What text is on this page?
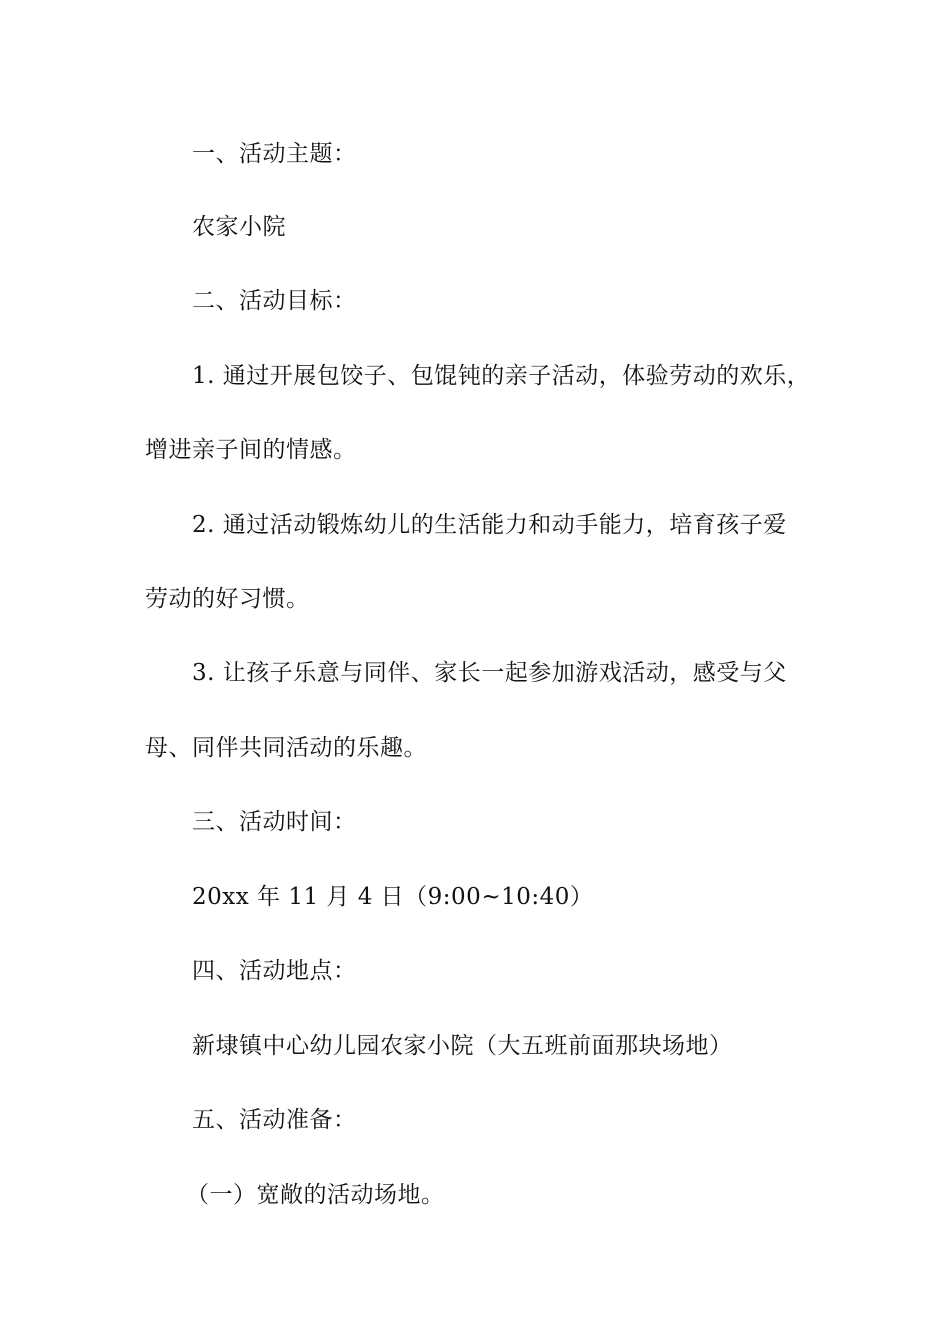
一、活动主题：
农家小院
二、活动目标：
1. 通过开展包饺子、包馄钝的亲子活动，体验劳动的欢乐，
增进亲子间的情感。
2. 通过活动锻炼幼儿的生活能力和动手能力，培育孩子爱
劳动的好习惯。
3. 让孩子乐意与同伴、家长一起参加游戏活动，感受与父
母、同伴共同活动的乐趣。
三、活动时间：
20xx 年 11 月 4 日（9:00~10:40）
四、活动地点：
新埭镇中心幼儿园农家小院（大五班前面那块场地）
五、活动准备：
（一）宽敞的活动场地。
